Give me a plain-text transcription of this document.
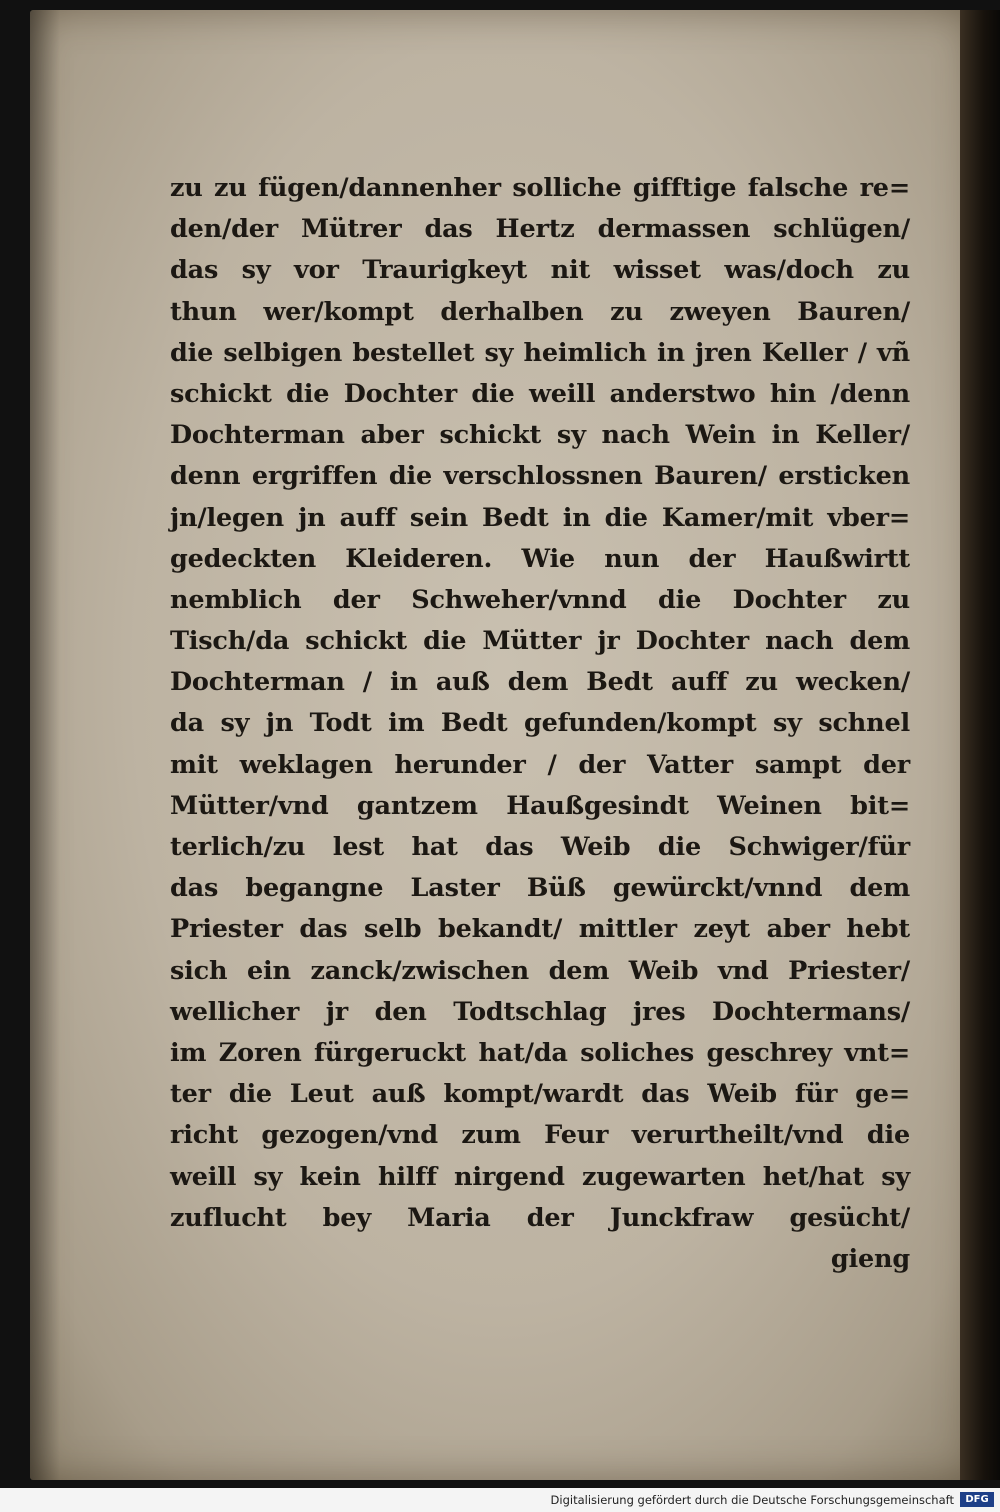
zu zu fügen/dannenher solliche gifftige falsche re=
den/der Mütrer das Hertz dermassen schlügen/
das sy vor Traurigkeyt nit wisset was/doch zu
thun wer/kompt derhalben zu zweyen Bauren/
die selbigen bestellet sy heimlich in jren Keller / vñ
schickt die Dochter die weill anderstwo hin /denn
Dochterman aber schickt sy nach Wein in Keller/
denn ergriffen die verschlossnen Bauren/ ersticken
jn/legen jn auff sein Bedt in die Kamer/mit vber=
gedeckten Kleideren. Wie nun der Haußwirtt
nemblich der Schweher/vnnd die Dochter zu
Tisch/da schickt die Mütter jr Dochter nach dem
Dochterman / in auß dem Bedt auff zu wecken/
da sy jn Todt im Bedt gefunden/kompt sy schnel
mit weklagen herunder / der Vatter sampt der
Mütter/vnd gantzem Haußgesindt Weinen bit=
terlich/zu lest hat das Weib die Schwiger/für
das begangne Laster Büß gewürckt/vnnd dem
Priester das selb bekandt/ mittler zeyt aber hebt
sich ein zanck/zwischen dem Weib vnd Priester/
wellicher jr den Todtschlag jres Dochtermans/
im Zoren fürgeruckt hat/da soliches geschrey vnt=
ter die Leut auß kompt/wardt das Weib für ge=
richt gezogen/vnd zum Feur verurtheilt/vnd die
weill sy kein hilff nirgend zugewarten het/hat sy
zuflucht bey Maria der Junckfraw gesücht/
gieng
Digitalisierung gefördert durch die Deutsche Forschungsgemeinschaft	DFG
